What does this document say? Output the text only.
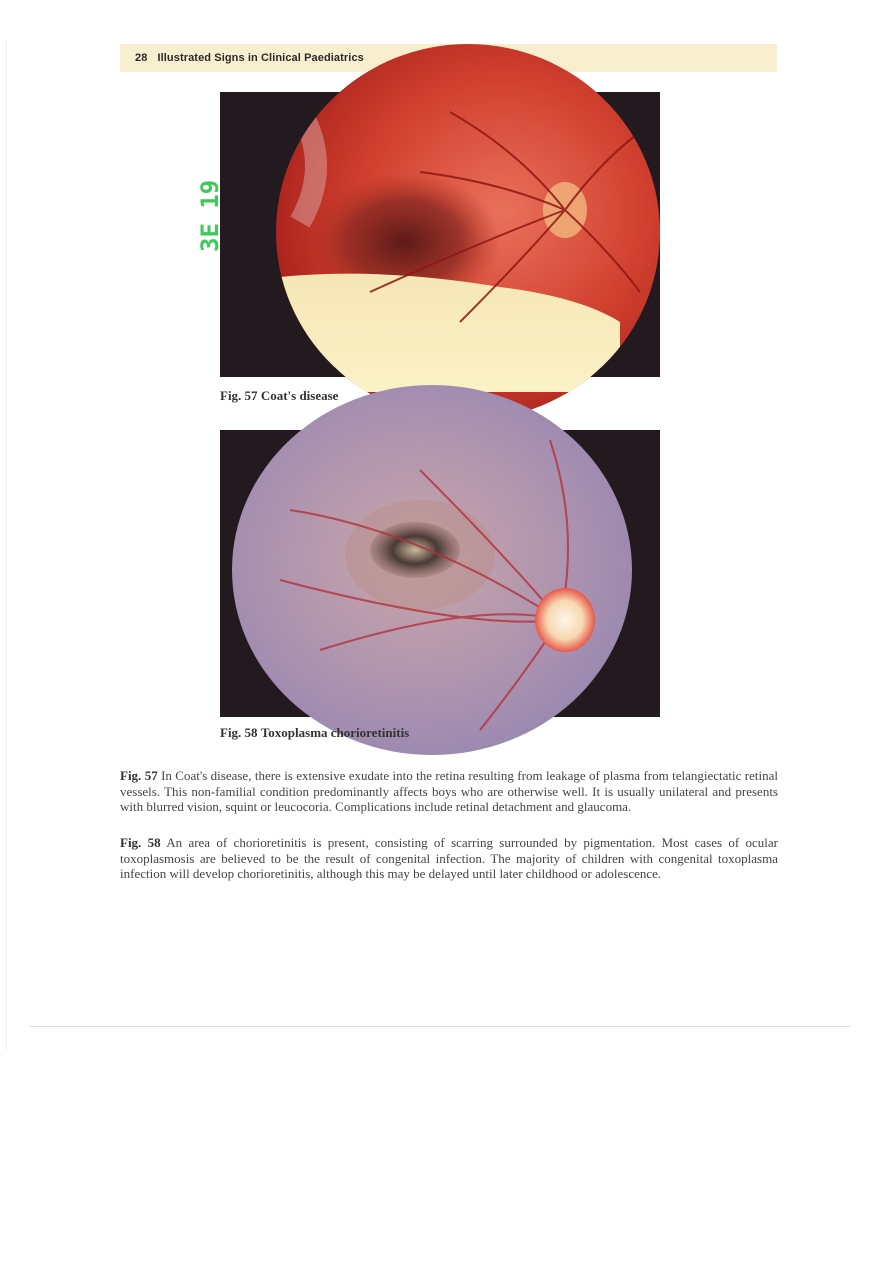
28 Illustrated Signs in Clinical Paediatrics
3E 19
Fig. 57 Coat's disease
Fig. 58 Toxoplasma chorioretinitis
Fig. 57 In Coat's disease, there is extensive exudate into the retina resulting from leakage of plasma from telangiectatic retinal vessels. This non-familial condition predominantly affects boys who are otherwise well. It is usually unilateral and presents with blurred vision, squint or leucocoria. Complications include retinal detachment and glaucoma.
Fig. 58 An area of chorioretinitis is present, consisting of scarring surrounded by pigmentation. Most cases of ocular toxoplasmosis are believed to be the result of congenital infection. The majority of children with congenital toxoplasma infection will develop chorioretinitis, although this may be delayed until later childhood or adolescence.
